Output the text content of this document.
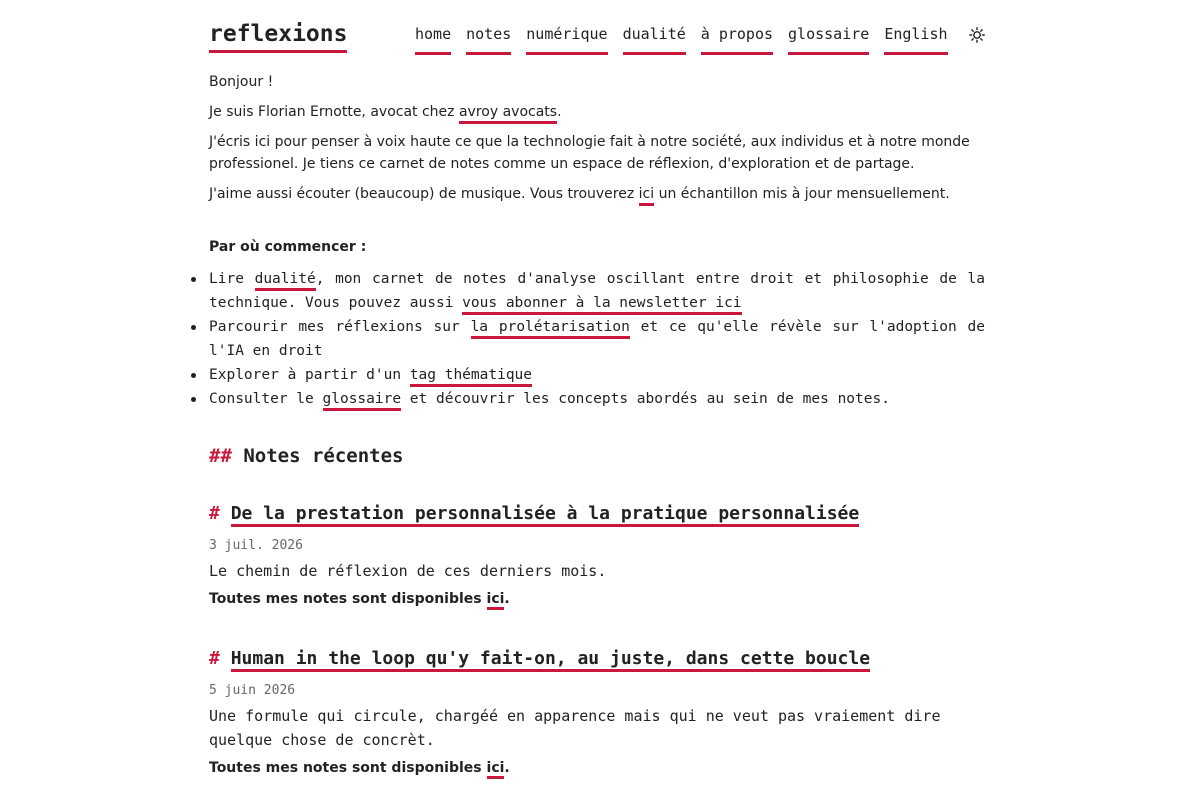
reflexions	home notes numérique dualité à propos glossaire English

Bonjour !

Je suis Florian Ernotte, avocat chez avroy avocats.

J'écris ici pour penser à voix haute ce que la technologie fait à notre société, aux individus et à notre monde professionel. Je tiens ce carnet de notes comme un espace de réflexion, d'exploration et de partage.

J'aime aussi écouter (beaucoup) de musique. Vous trouverez ici un échantillon mis à jour mensuellement.

Par où commencer :
Lire dualité, mon carnet de notes d'analyse oscillant entre droit et philosophie de la technique. Vous pouvez aussi vous abonner à la newsletter ici
Parcourir mes réflexions sur la prolétarisation et ce qu'elle révèle sur l'adoption de l'IA en droit
Explorer à partir d'un tag thématique
Consulter le glossaire et découvrir les concepts abordés au sein de mes notes.
## Notes récentes
# De la prestation personnalisée à la pratique personnalisée
3 juil. 2026
Le chemin de réflexion de ces derniers mois.
Toutes mes notes sont disponibles ici.
# Human in the loop qu'y fait-on, au juste, dans cette boucle
5 juin 2026
Une formule qui circule, chargéé en apparence mais qui ne veut pas vraiement dire quelque chose de concrèt.
Toutes mes notes sont disponibles ici.
